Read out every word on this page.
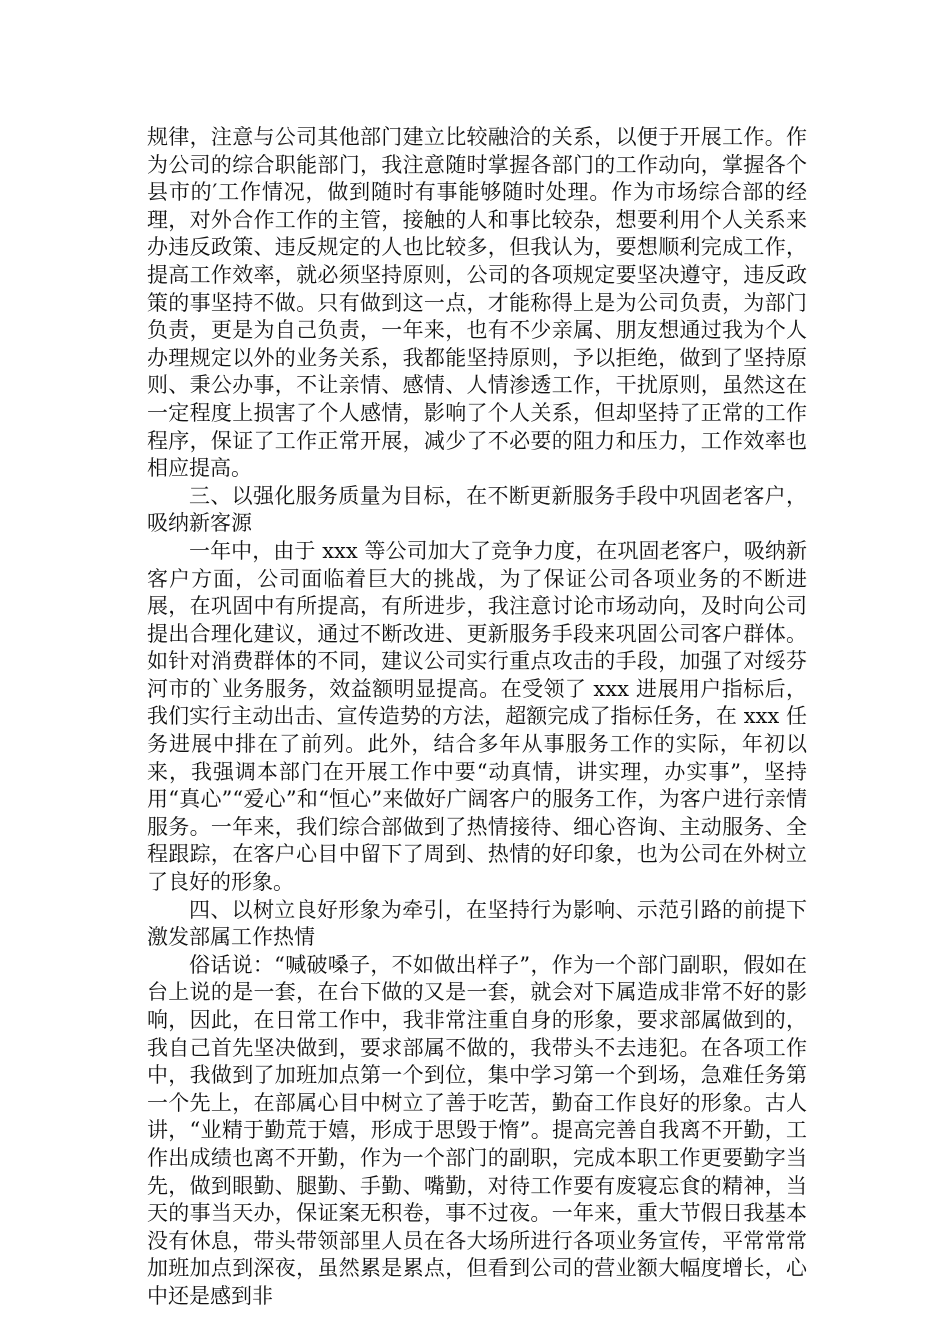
规律，注意与公司其他部门建立比较融洽的关系，以便于开展工作。作为公司的综合职能部门，我注意随时掌握各部门的工作动向，掌握各个县市的′工作情况，做到随时有事能够随时处理。作为市场综合部的经理，对外合作工作的主管，接触的人和事比较杂，想要利用个人关系来办违反政策、违反规定的人也比较多，但我认为，要想顺利完成工作，提高工作效率，就必须坚持原则，公司的各项规定要坚决遵守，违反政策的事坚持不做。只有做到这一点，才能称得上是为公司负责，为部门负责，更是为自己负责，一年来，也有不少亲属、朋友想通过我为个人办理规定以外的业务关系，我都能坚持原则，予以拒绝，做到了坚持原则、秉公办事，不让亲情、感情、人情渗透工作，干扰原则，虽然这在一定程度上损害了个人感情，影响了个人关系，但却坚持了正常的工作程序，保证了工作正常开展，减少了不必要的阻力和压力，工作效率也相应提高。

三、以强化服务质量为目标，在不断更新服务手段中巩固老客户，吸纳新客源

一年中，由于 xxx 等公司加大了竞争力度，在巩固老客户，吸纳新客户方面，公司面临着巨大的挑战，为了保证公司各项业务的不断进展，在巩固中有所提高，有所进步，我注意讨论市场动向，及时向公司提出合理化建议，通过不断改进、更新服务手段来巩固公司客户群体。如针对消费群体的不同，建议公司实行重点攻击的手段，加强了对绥芬河市的`业务服务，效益额明显提高。在受领了 xxx 进展用户指标后，我们实行主动出击、宣传造势的方法，超额完成了指标任务，在 xxx 任务进展中排在了前列。此外，结合多年从事服务工作的实际，年初以来，我强调本部门在开展工作中要“动真情，讲实理，办实事”，坚持用“真心”“爱心”和“恒心”来做好广阔客户的服务工作，为客户进行亲情服务。一年来，我们综合部做到了热情接待、细心咨询、主动服务、全程跟踪，在客户心目中留下了周到、热情的好印象，也为公司在外树立了良好的形象。

四、以树立良好形象为牵引，在坚持行为影响、示范引路的前提下激发部属工作热情

俗话说：“喊破嗓子，不如做出样子”，作为一个部门副职，假如在台上说的是一套，在台下做的又是一套，就会对下属造成非常不好的影响，因此，在日常工作中，我非常注重自身的形象，要求部属做到的，我自己首先坚决做到，要求部属不做的，我带头不去违犯。在各项工作中，我做到了加班加点第一个到位，集中学习第一个到场，急难任务第一个先上，在部属心目中树立了善于吃苦，勤奋工作良好的形象。古人讲，“业精于勤荒于嬉，形成于思毁于惰”。提高完善自我离不开勤，工作出成绩也离不开勤，作为一个部门的副职，完成本职工作更要勤字当先，做到眼勤、腿勤、手勤、嘴勤，对待工作要有废寝忘食的精神，当天的事当天办，保证案无积卷，事不过夜。一年来，重大节假日我基本没有休息，带头带领部里人员在各大场所进行各项业务宣传，平常常常加班加点到深夜，虽然累是累点，但看到公司的营业额大幅度增长，心中还是感到非
